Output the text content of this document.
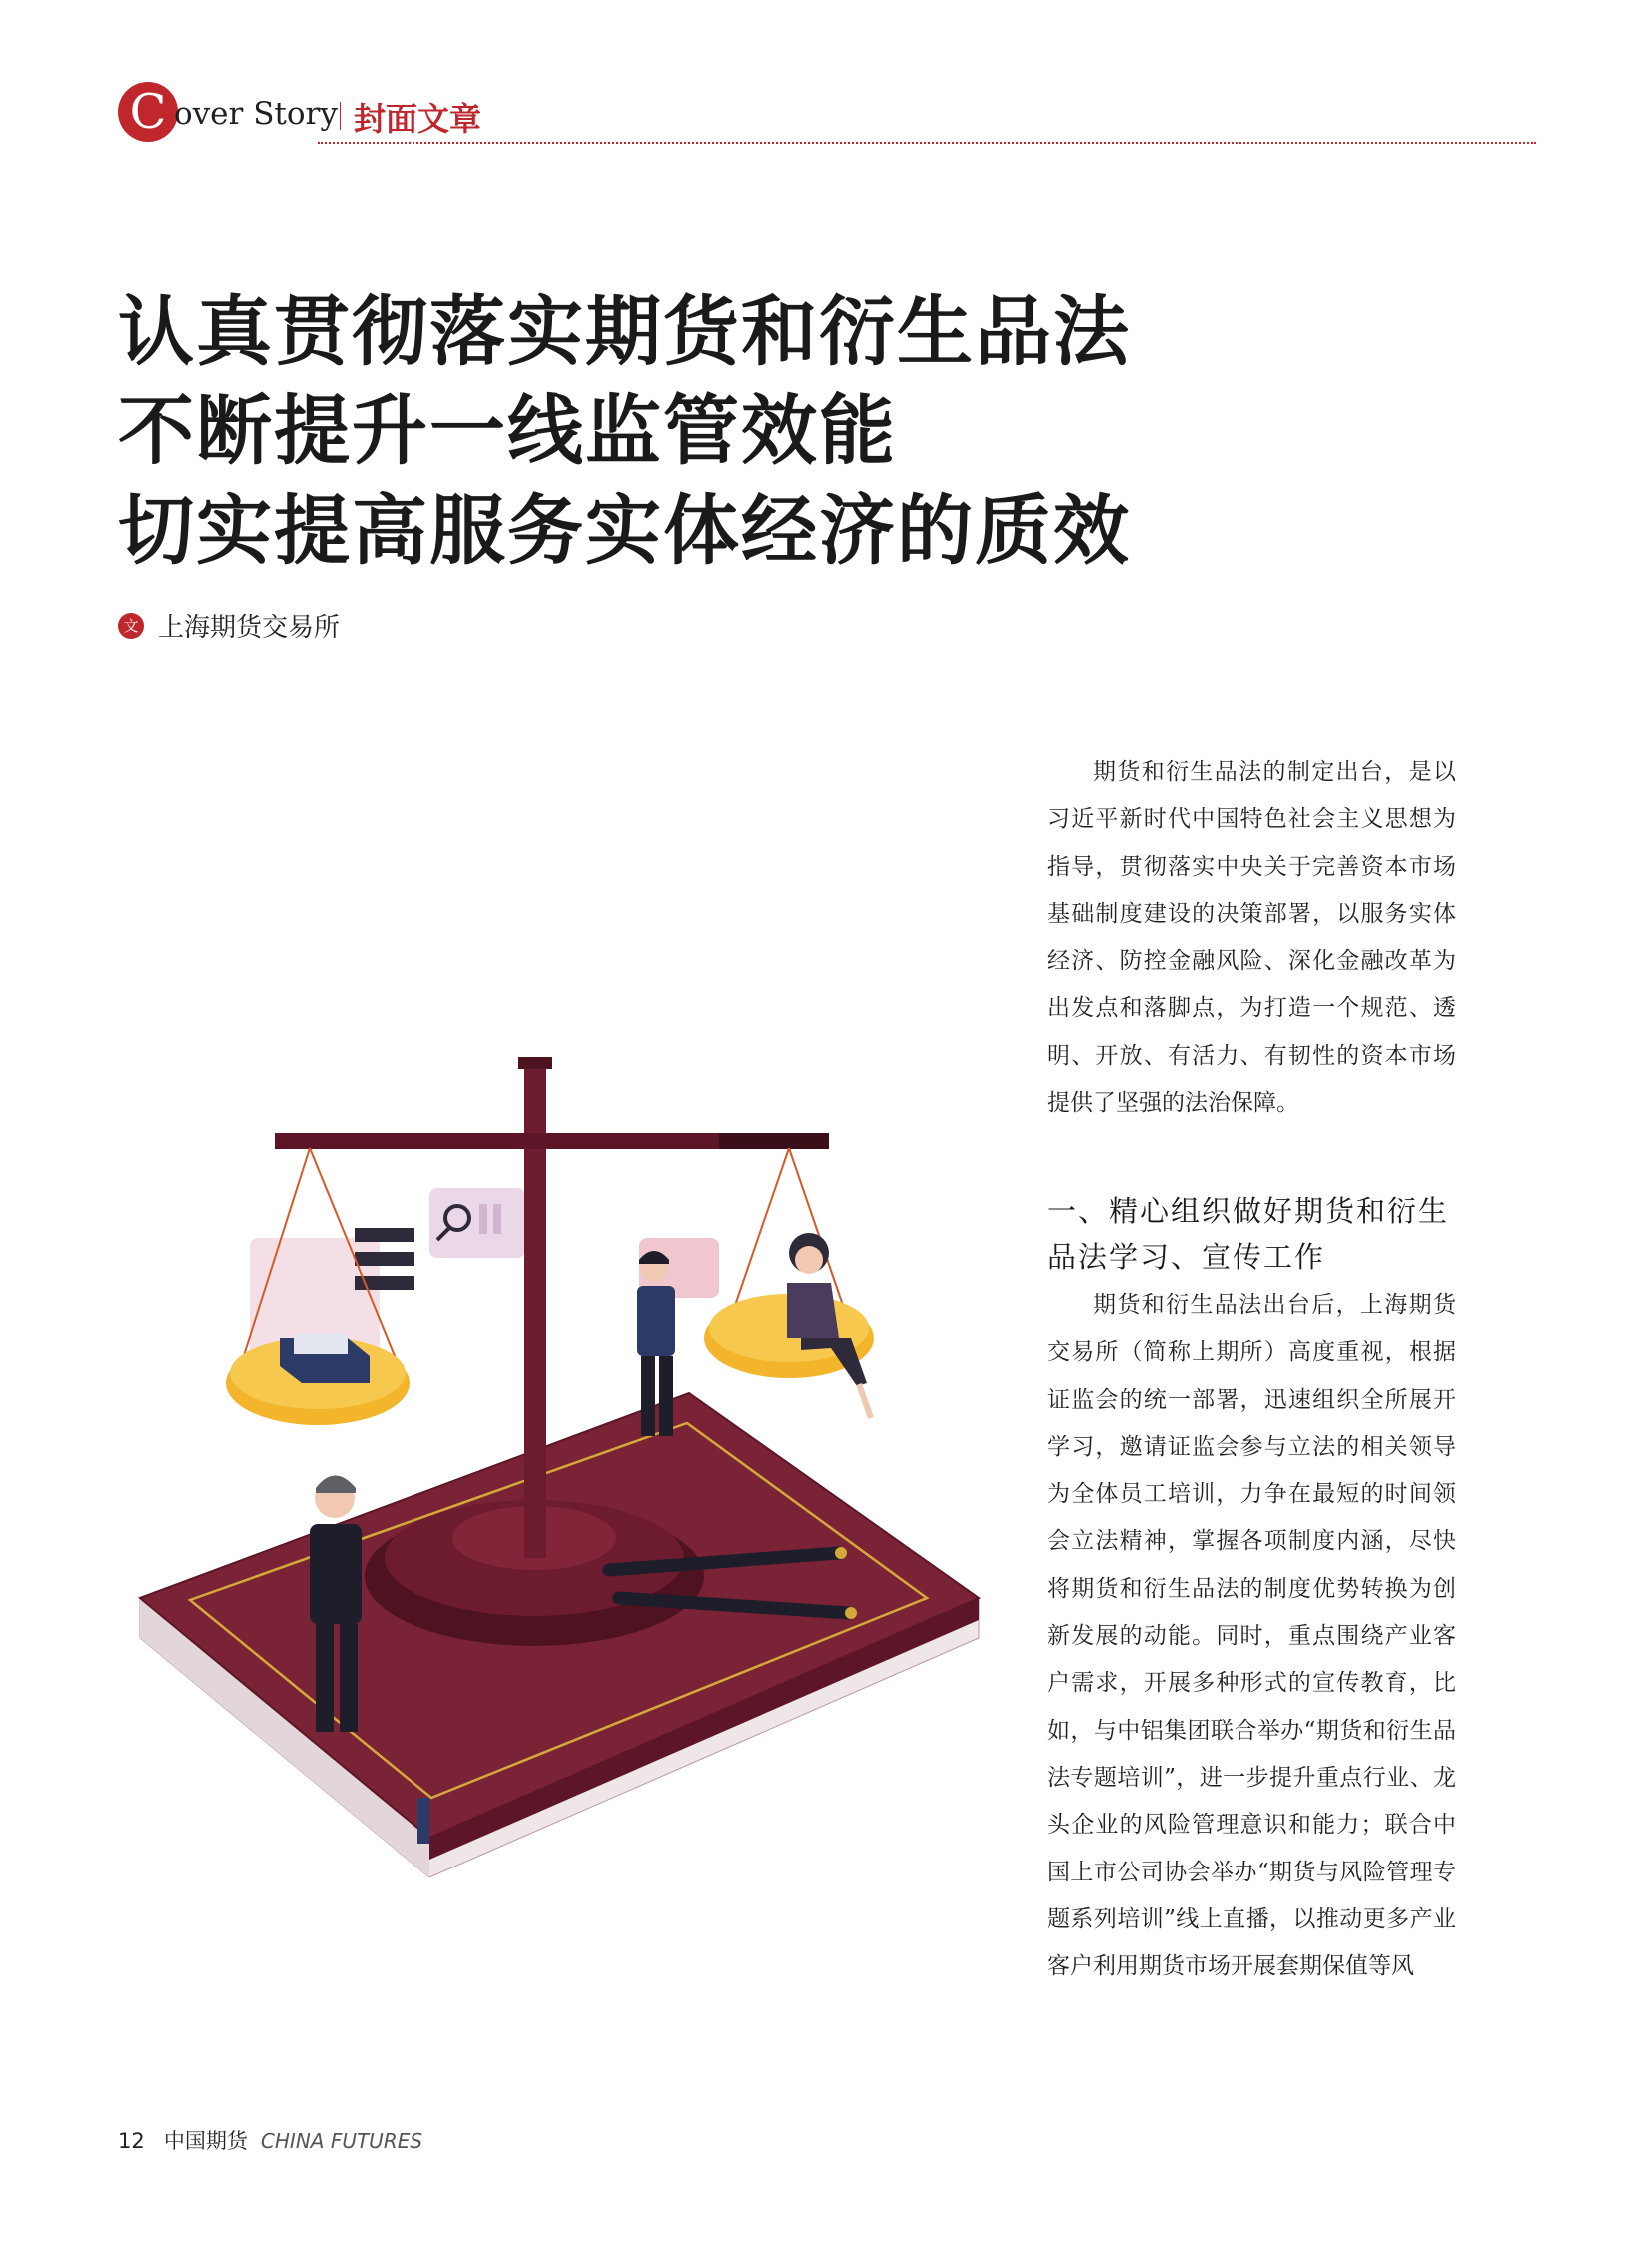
C over Story 封面文章
认真贯彻落实期货和衍生品法
不断提升一线监管效能
切实提高服务实体经济的质效
文 上海期货交易所

期货和衍生品法的制定出台，是以习近平新时代中国特色社会主义思想为指导，贯彻落实中央关于完善资本市场基础制度建设的决策部署，以服务实体经济、防控金融风险、深化金融改革为出发点和落脚点，为打造一个规范、透明、开放、有活力、有韧性的资本市场提供了坚强的法治保障。

一、精心组织做好期货和衍生品法学习、宣传工作

期货和衍生品法出台后，上海期货交易所（简称上期所）高度重视，根据证监会的统一部署，迅速组织全所展开学习，邀请证监会参与立法的相关领导为全体员工培训，力争在最短的时间领会立法精神，掌握各项制度内涵，尽快将期货和衍生品法的制度优势转换为创新发展的动能。同时，重点围绕产业客户需求，开展多种形式的宣传教育，比如，与中铝集团联合举办“期货和衍生品法专题培训”，进一步提升重点行业、龙头企业的风险管理意识和能力；联合中国上市公司协会举办“期货与风险管理专题系列培训”线上直播，以推动更多产业客户利用期货市场开展套期保值等风

12 中国期货 CHINA FUTURES
